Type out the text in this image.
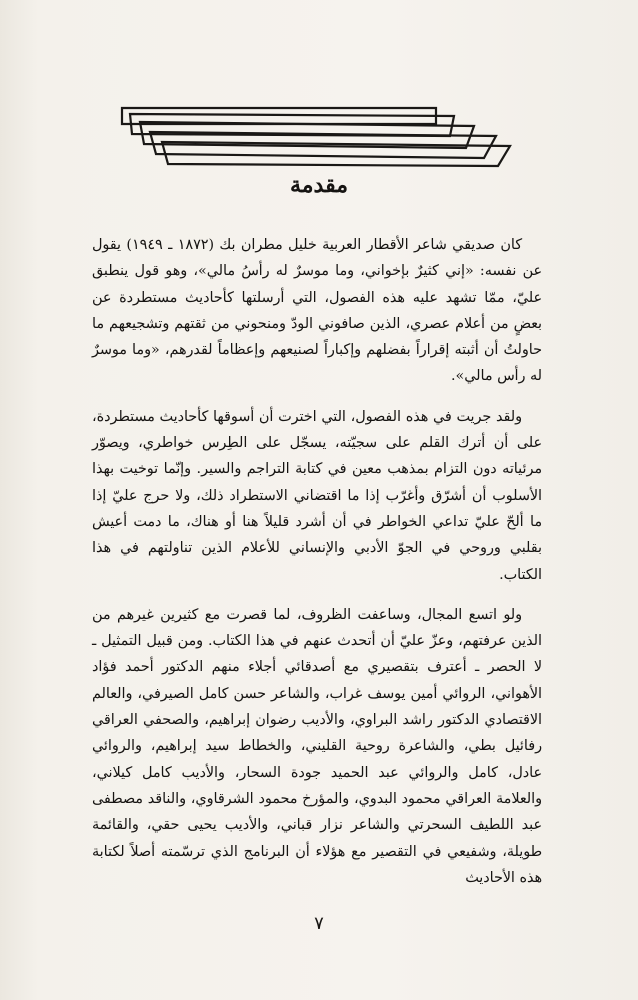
مقدمة

كان صديقي شاعر الأقطار العربية خليل مطران بك (١٨٧٢ ـ ١٩٤٩) يقول عن نفسه: «إني كثيرٌ بإخواني، وما موسرٌ له رأسُ مالي»، وهو قول ينطبق عليّ، ممّا تشهد عليه هذه الفصول، التي أرسلتها كأحاديث مستطردة عن بعضٍ من أعلام عصري، الذين صافوني الودّ ومنحوني من ثقتهم وتشجيعهم ما حاولتُ أن أثبته إقراراً بفضلهم وإكباراً لصنيعهم وإعظاماً لقدرهم، «وما موسرٌ له رأس مالي».

ولقد جريت في هذه الفصول، التي اخترت أن أسوقها كأحاديث مستطردة، على أن أترك القلم على سجيّته، يسجّل على الطِرس خواطري، ويصوّر مرئياته دون التزام بمذهب معين في كتابة التراجم والسير. وإنّما توخيت بهذا الأسلوب أن أشرّق وأغرّب إذا ما اقتضاني الاستطراد ذلك، ولا حرج عليّ إذا ما ألحّ عليّ تداعي الخواطر في أن أشرد قليلاً هنا أو هناك، ما دمت أعيش بقلبي وروحي في الجوّ الأدبي والإنساني للأعلام الذين تناولتهم في هذا الكتاب.

ولو اتسع المجال، وساعفت الظروف، لما قصرت مع كثيرين غيرهم من الذين عرفتهم، وعزّ عليّ أن أتحدث عنهم في هذا الكتاب. ومن قبيل التمثيل ـ لا الحصر ـ أعترف بتقصيري مع أصدقائي أجلاء منهم الدكتور أحمد فؤاد الأهواني، الروائي أمين يوسف غراب، والشاعر حسن كامل الصيرفي، والعالم الاقتصادي الدكتور راشد البراوي، والأديب رضوان إبراهيم، والصحفي العراقي رفائيل بطي، والشاعرة روحية القليني، والخطاط سيد إبراهيم، والروائي عادل، كامل والروائي عبد الحميد جودة السحار، والأديب كامل كيلاني، والعلامة العراقي محمود البدوي، والمؤرخ محمود الشرقاوي، والناقد مصطفى عبد اللطيف السحرتي والشاعر نزار قباني، والأديب يحيى حقي، والقائمة طويلة، وشفيعي في التقصير مع هؤلاء أن البرنامج الذي ترسّمته أصلاً لكتابة هذه الأحاديث

٧
